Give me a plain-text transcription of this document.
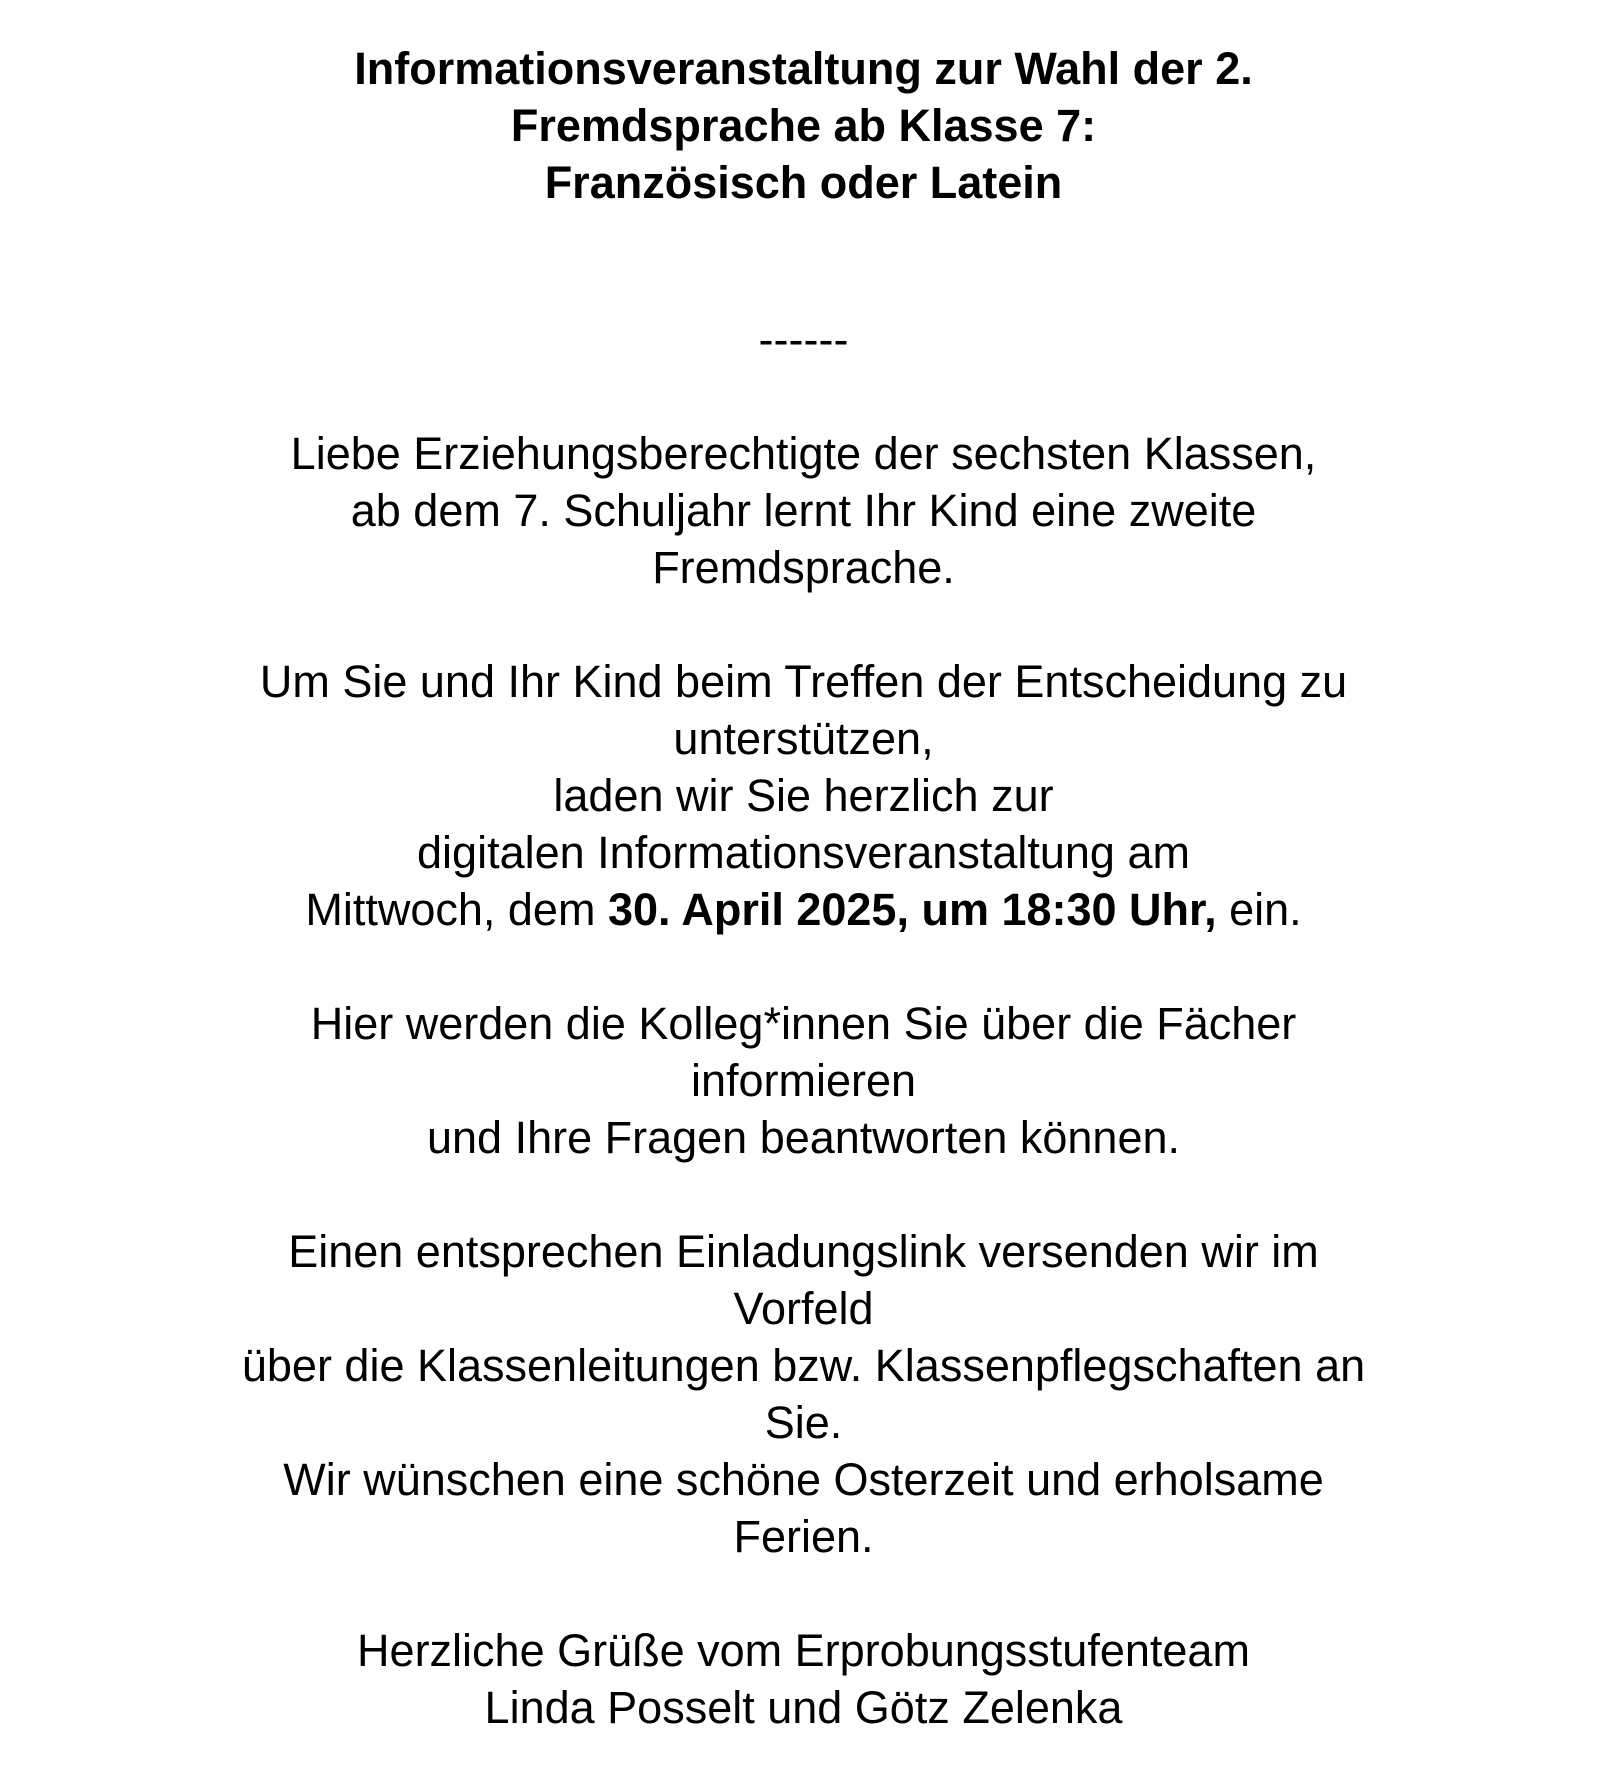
Informationsveranstaltung zur Wahl der 2.
Fremdsprache ab Klasse 7:
Französisch oder Latein

------

Liebe Erziehungsberechtigte der sechsten Klassen,
ab dem 7. Schuljahr lernt Ihr Kind eine zweite
Fremdsprache.

Um Sie und Ihr Kind beim Treffen der Entscheidung zu
unterstützen,
laden wir Sie herzlich zur
digitalen Informationsveranstaltung am
Mittwoch, dem 30. April 2025, um 18:30 Uhr, ein.

Hier werden die Kolleg*innen Sie über die Fächer
informieren
und Ihre Fragen beantworten können.

Einen entsprechen Einladungslink versenden wir im
Vorfeld
über die Klassenleitungen bzw. Klassenpflegschaften an
Sie.
Wir wünschen eine schöne Osterzeit und erholsame
Ferien.

Herzliche Grüße vom Erprobungsstufenteam
Linda Posselt und Götz Zelenka
